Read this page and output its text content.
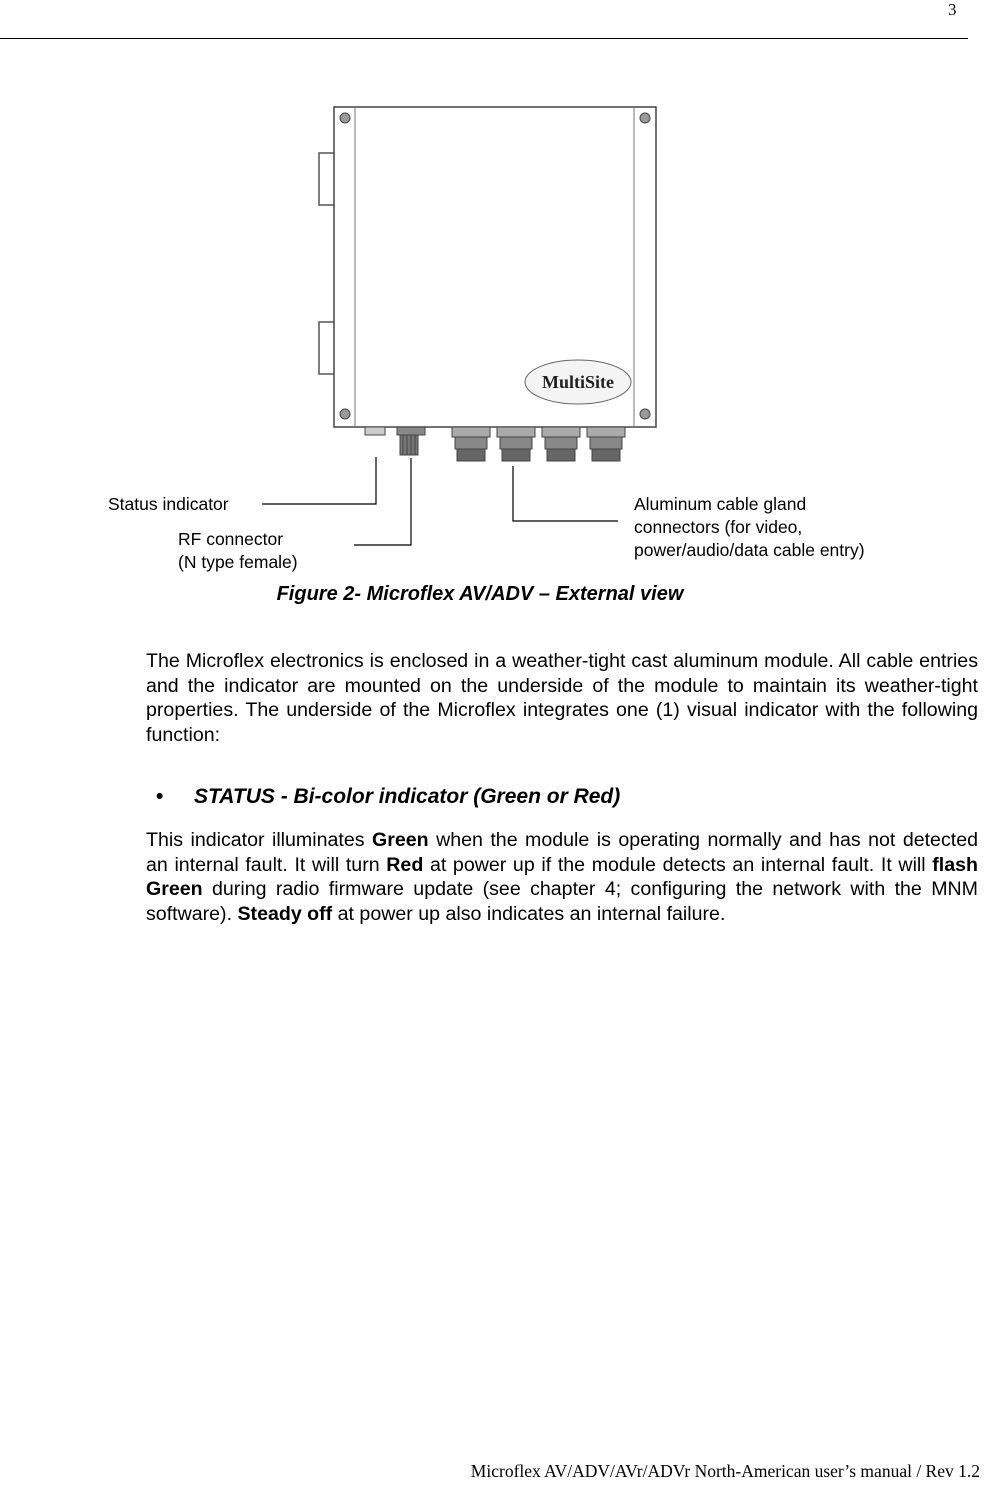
3
MultiSite
Status indicator
RF connector
(N type female)
Aluminum cable gland
connectors (for video,
power/audio/data cable entry)
Figure 2- Microflex AV/ADV – External view
The Microflex electronics is enclosed in a weather-tight cast aluminum module. All cable entries and the indicator are mounted on the underside of the module to maintain its weather-tight properties. The underside of the Microflex integrates one (1) visual indicator with the following function:
• STATUS - Bi-color indicator (Green or Red)
This indicator illuminates Green when the module is operating normally and has not detected an internal fault. It will turn Red at power up if the module detects an internal fault. It will flash Green during radio firmware update (see chapter 4; configuring the network with the MNM software). Steady off at power up also indicates an internal failure.
Microflex AV/ADV/AVr/ADVr North-American user’s manual / Rev 1.2
